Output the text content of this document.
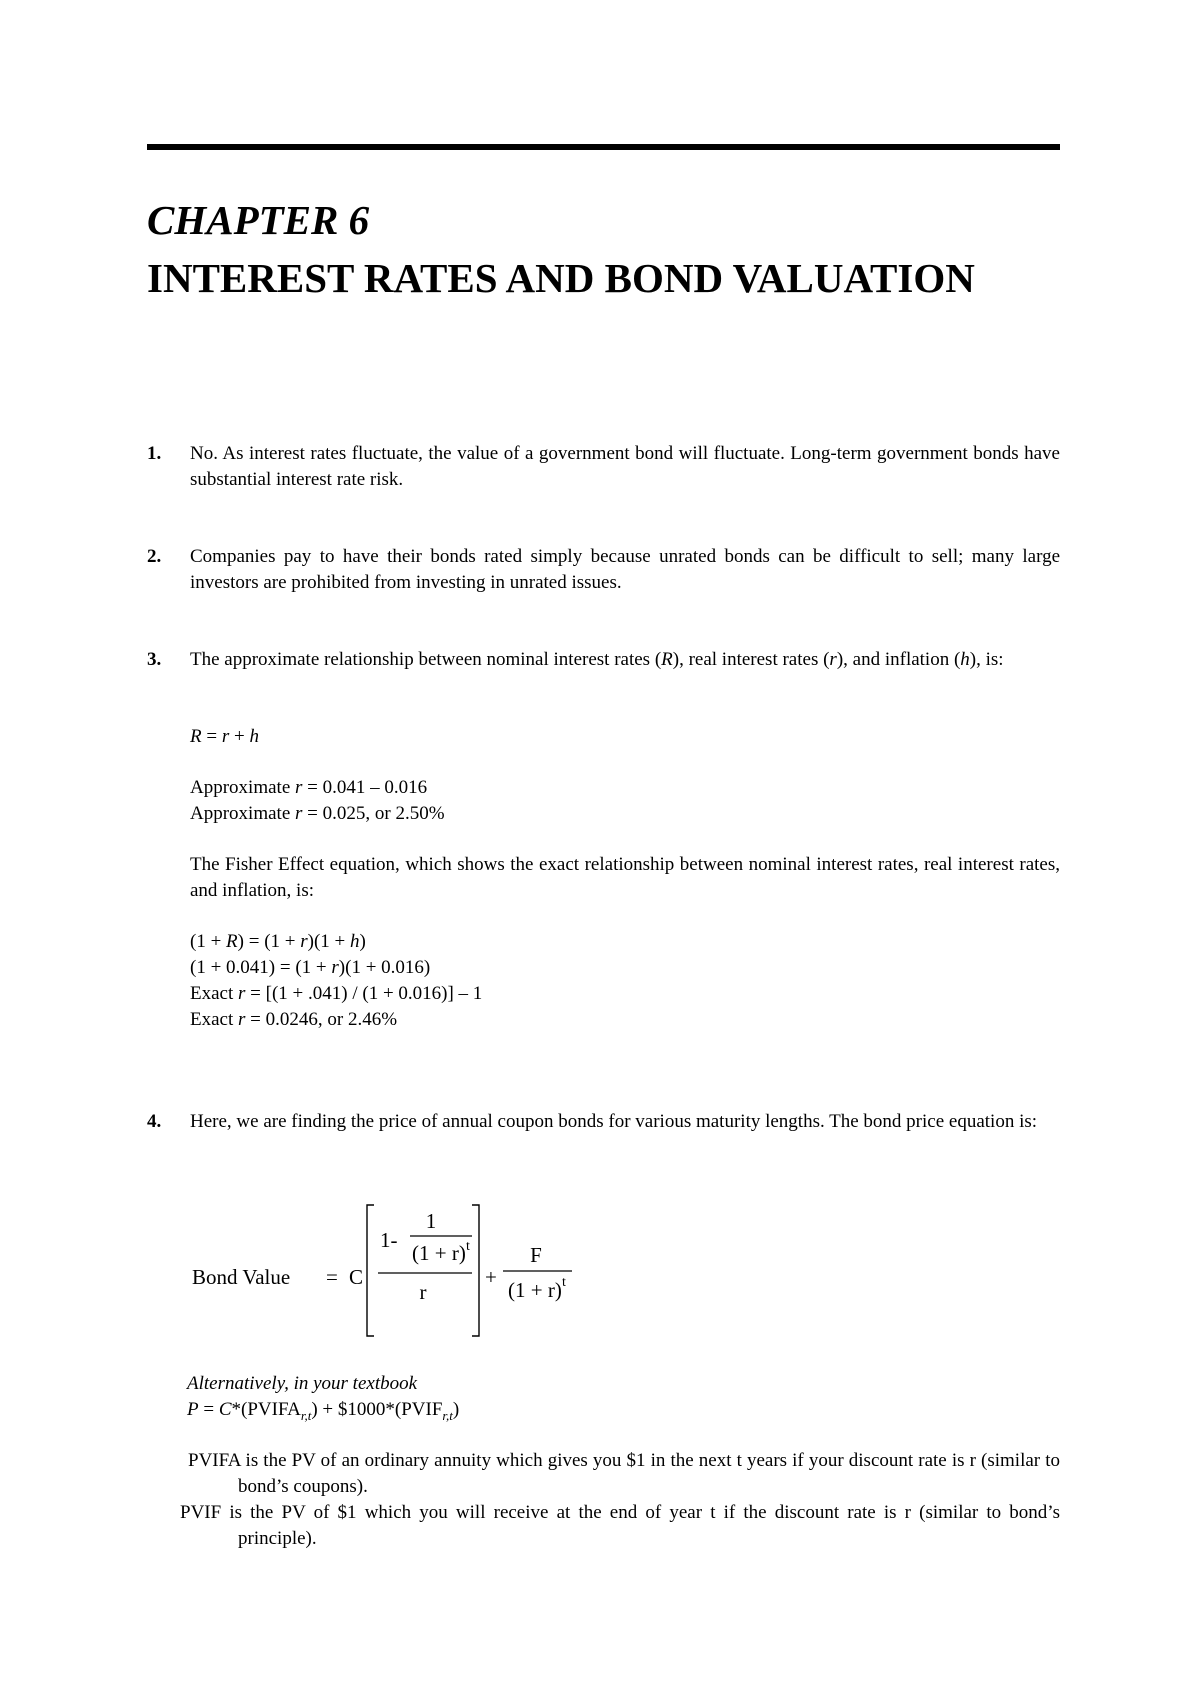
CHAPTER 6
INTEREST RATES AND BOND VALUATION
1. No. As interest rates fluctuate, the value of a government bond will fluctuate. Long-term government bonds have substantial interest rate risk.
2. Companies pay to have their bonds rated simply because unrated bonds can be difficult to sell; many large investors are prohibited from investing in unrated issues.
3. The approximate relationship between nominal interest rates (R), real interest rates (r), and inflation (h), is:
R = r + h
Approximate r = 0.041 – 0.016
Approximate r = 0.025, or 2.50%
The Fisher Effect equation, which shows the exact relationship between nominal interest rates, real interest rates, and inflation, is:
(1 + R) = (1 + r)(1 + h)
(1 + 0.041) = (1 + r)(1 + 0.016)
Exact r = [(1 + .041) / (1 + 0.016)] – 1
Exact r = 0.0246, or 2.46%
4. Here, we are finding the price of annual coupon bonds for various maturity lengths. The bond price equation is:
Bond Value = C
1
1-
(1 + r) t
r
+
F
(1 + r) t
Alternatively, in your textbook
$P = C*(PVIFA_{r,t})$ + $\$1000*(PVIF_{r,t})$
PVIFA is the PV of an ordinary annuity which gives you $1 in the next t years if your discount rate is r (similar to bond’s coupons).
PVIF is the PV of $1 which you will receive at the end of year t if the discount rate is r (similar to bond’s principle).
